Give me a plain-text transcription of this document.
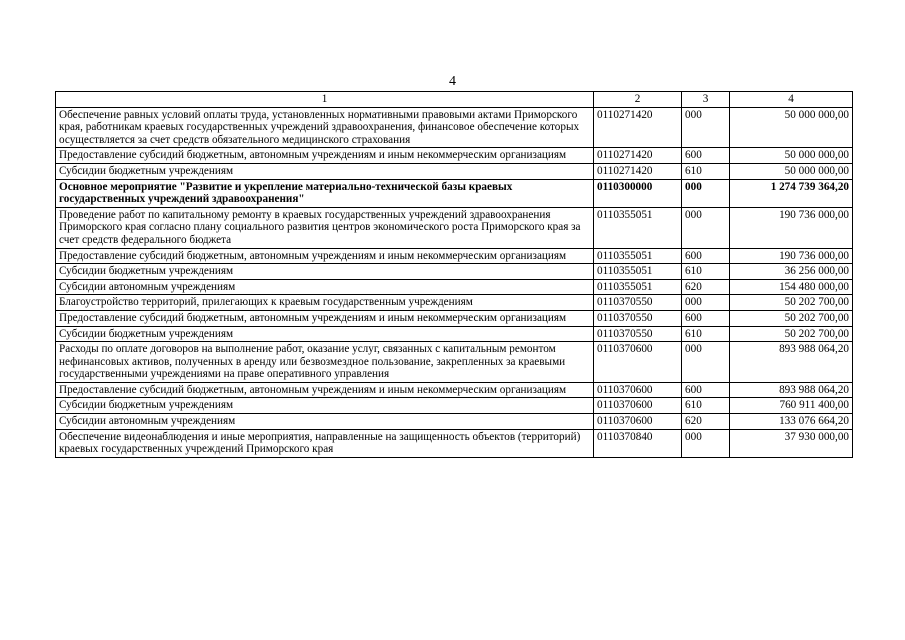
4
1	2	3	4
Обеспечение равных условий оплаты труда, установленных нормативными правовыми актами Приморского края, работникам краевых государственных учреждений здравоохранения, финансовое обеспечение которых осуществляется за счет средств обязательного медицинского страхования	0110271420	000	50 000 000,00
Предоставление субсидий бюджетным, автономным учреждениям и иным некоммерческим организациям	0110271420	600	50 000 000,00
Субсидии бюджетным учреждениям	0110271420	610	50 000 000,00
Основное мероприятие "Развитие и укрепление материально-технической базы краевых государственных учреждений здравоохранения"	0110300000	000	1 274 739 364,20
Проведение работ по капитальному ремонту в краевых государственных учреждений здравоохранения Приморского края согласно плану социального развития центров экономического роста Приморского края за счет средств федерального бюджета	0110355051	000	190 736 000,00
Предоставление субсидий бюджетным, автономным учреждениям и иным некоммерческим организациям	0110355051	600	190 736 000,00
Субсидии бюджетным учреждениям	0110355051	610	36 256 000,00
Субсидии автономным учреждениям	0110355051	620	154 480 000,00
Благоустройство территорий, прилегающих к краевым государственным учреждениям	0110370550	000	50 202 700,00
Предоставление субсидий бюджетным, автономным учреждениям и иным некоммерческим организациям	0110370550	600	50 202 700,00
Субсидии бюджетным учреждениям	0110370550	610	50 202 700,00
Расходы по оплате договоров на выполнение работ, оказание услуг, связанных с капитальным ремонтом нефинансовых активов, полученных в аренду или безвозмездное пользование, закрепленных за краевыми государственными учреждениями на праве оперативного управления	0110370600	000	893 988 064,20
Предоставление субсидий бюджетным, автономным учреждениям и иным некоммерческим организациям	0110370600	600	893 988 064,20
Субсидии бюджетным учреждениям	0110370600	610	760 911 400,00
Субсидии автономным учреждениям	0110370600	620	133 076 664,20
Обеспечение видеонаблюдения и иные мероприятия, направленные на защищенность объектов (территорий) краевых государственных учреждений Приморского края	0110370840	000	37 930 000,00
